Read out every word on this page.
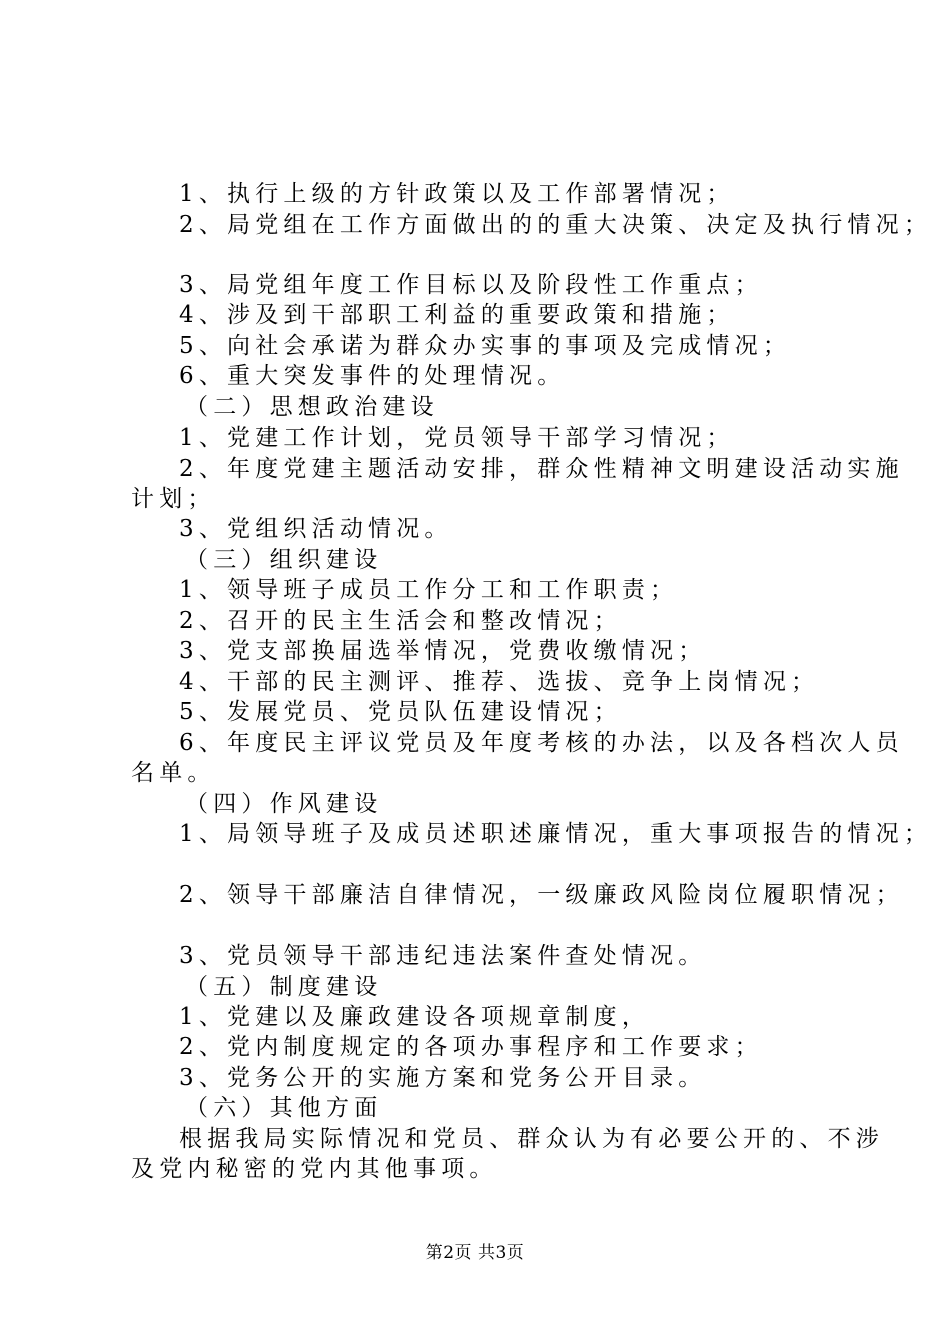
1、执行上级的方针政策以及工作部署情况；
2、局党组在工作方面做出的的重大决策、决定及执行情况；
3、局党组年度工作目标以及阶段性工作重点；
4、涉及到干部职工利益的重要政策和措施；
5、向社会承诺为群众办实事的事项及完成情况；
6、重大突发事件的处理情况。
（二）思想政治建设
1、党建工作计划，党员领导干部学习情况；
2、年度党建主题活动安排，群众性精神文明建设活动实施
计划；
3、党组织活动情况。
（三）组织建设
1、领导班子成员工作分工和工作职责；
2、召开的民主生活会和整改情况；
3、党支部换届选举情况，党费收缴情况；
4、干部的民主测评、推荐、选拔、竞争上岗情况；
5、发展党员、党员队伍建设情况；
6、年度民主评议党员及年度考核的办法，以及各档次人员
名单。
（四）作风建设
1、局领导班子及成员述职述廉情况，重大事项报告的情况；
2、领导干部廉洁自律情况，一级廉政风险岗位履职情况；
3、党员领导干部违纪违法案件查处情况。
（五）制度建设
1、党建以及廉政建设各项规章制度，
2、党内制度规定的各项办事程序和工作要求；
3、党务公开的实施方案和党务公开目录。
（六）其他方面
根据我局实际情况和党员、群众认为有必要公开的、不涉
及党内秘密的党内其他事项。
第2页 共3页
